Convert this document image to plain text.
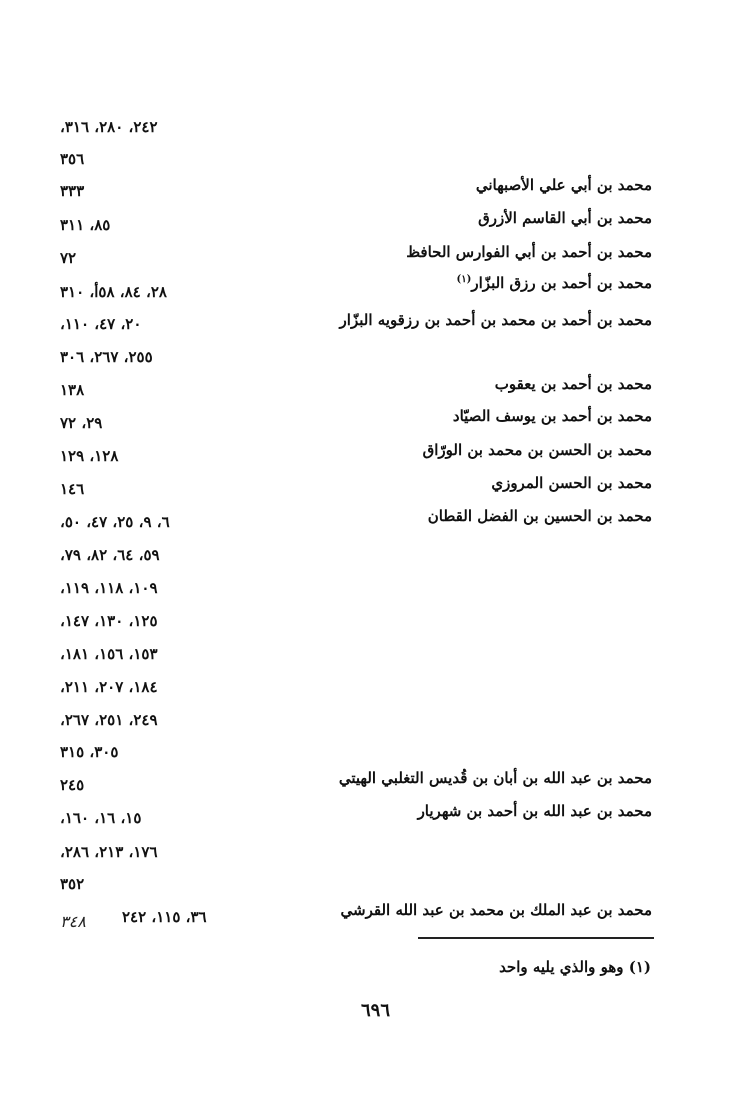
محمد بن أبي علي الأصبهاني
محمد بن أبي القاسم الأزرق
محمد بن أحمد بن أبي الفوارس الحافظ
محمد بن أحمد بن رزق البزّار$^{(١)}$
محمد بن أحمد بن محمد بن أحمد بن رزقويه البزّار
محمد بن أحمد بن يعقوب
محمد بن أحمد بن يوسف الصيّاد
محمد بن الحسن بن محمد بن الورّاق
محمد بن الحسن المروزي
محمد بن الحسين بن الفضل القطان
محمد بن عبد الله بن أبان بن قُديس التغلبي الهيتي
محمد بن عبد الله بن أحمد بن شهريار
محمد بن عبد الملك بن محمد بن عبد الله القرشي
٢٤٢، ٢٨٠، ٣١٦،
٣٥٦
٣٣٣
٨٥، ٣١١
٧٢
٢٨، ٨٤، ٥٨أ، ٣١٠
٢٠، ٤٧، ١١٠،
٢٥٥، ٢٦٧، ٣٠٦
١٣٨
٢٩، ٧٢
١٢٨، ١٢٩
١٤٦
٦، ٩، ٢٥، ٤٧، ٥٠،
٥٩، ٦٤، ٨٢، ٧٩،
١٠٩، ١١٨، ١١٩،
١٢٥، ١٣٠، ١٤٧،
١٥٣، ١٥٦، ١٨١،
١٨٤، ٢٠٧، ٢١١،
٢٤٩، ٢٥١، ٢٦٧،
٣٠٥، ٣١٥
٢٤٥
١٥، ١٦، ١٦٠،
١٧٦، ٢١٣، ٢٨٦،
٣٥٢
٣٦، ١١٥، ٢٤٢
٣٤٨
(١) وهو والذي يليه واحد
٦٩٦
